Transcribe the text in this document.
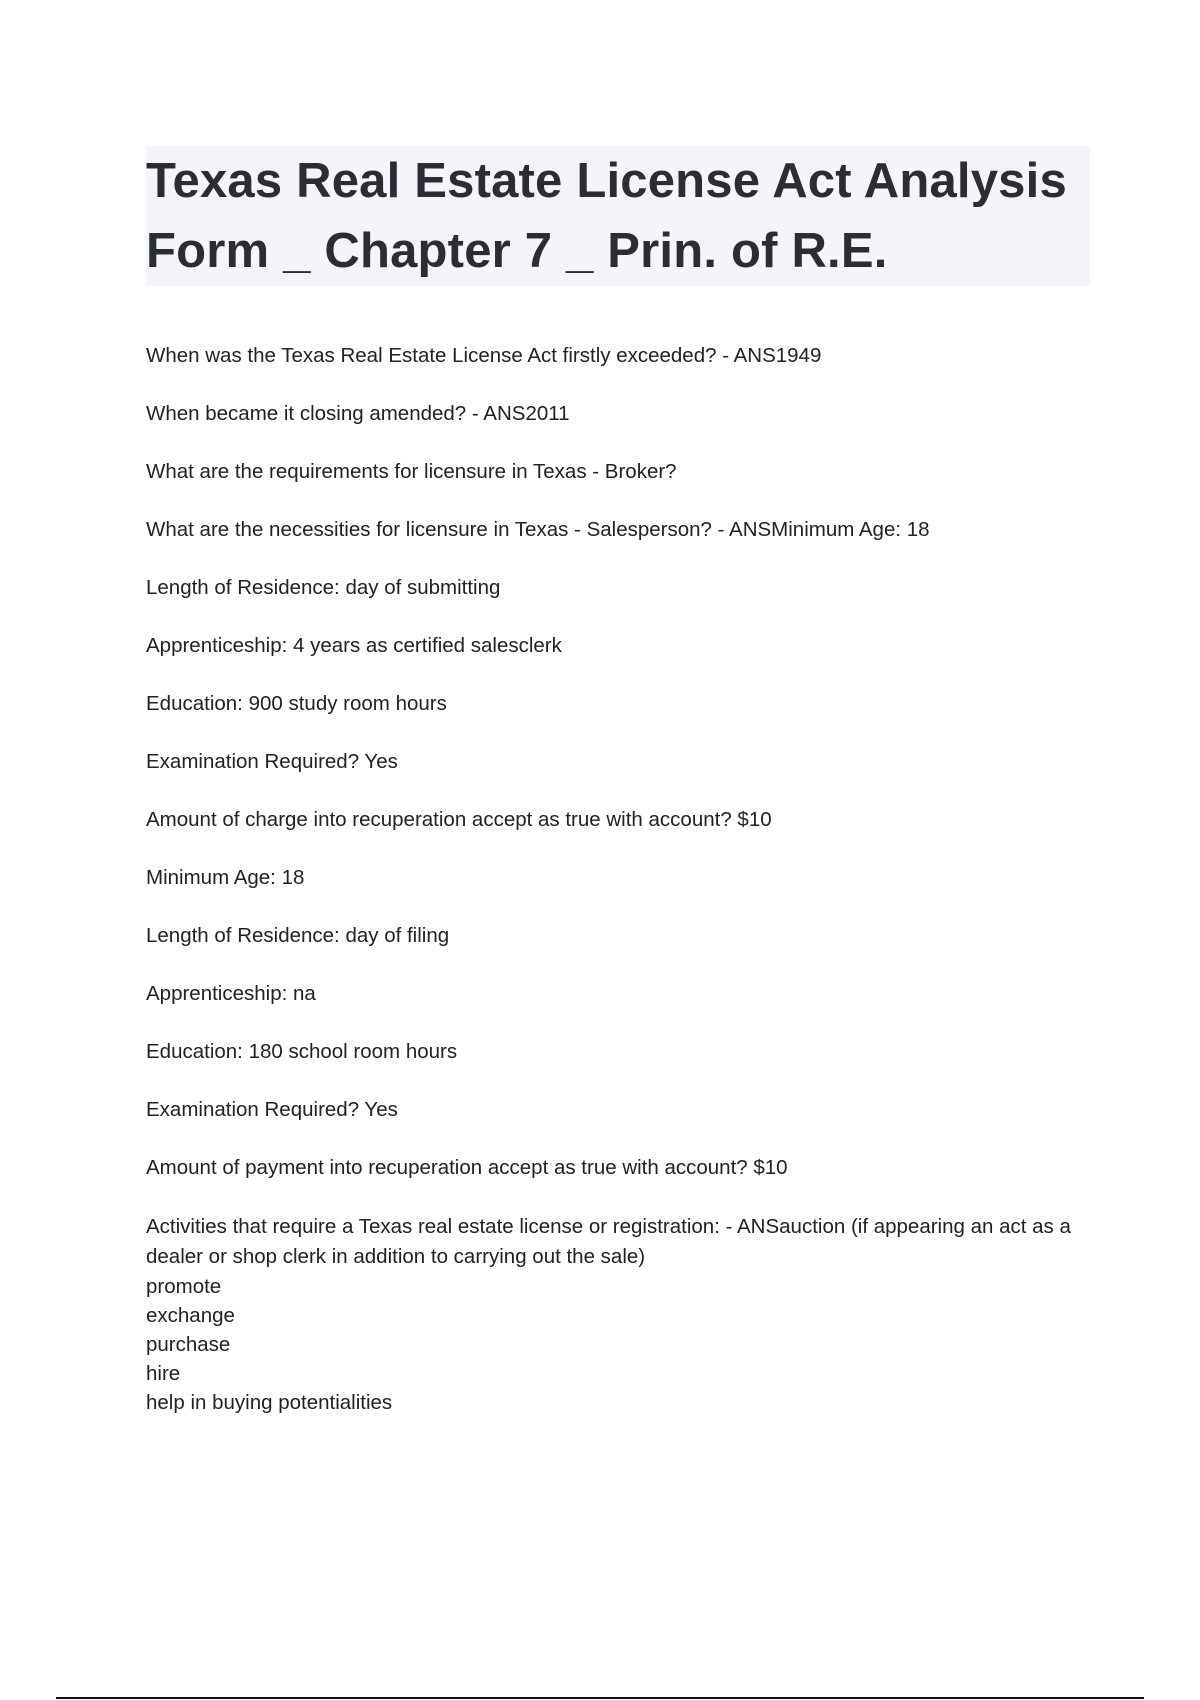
Texas Real Estate License Act Analysis Form _ Chapter 7 _ Prin. of R.E.

When was the Texas Real Estate License Act firstly exceeded? - ANS1949

When became it closing amended? - ANS2011

What are the requirements for licensure in Texas - Broker?

What are the necessities for licensure in Texas - Salesperson? - ANSMinimum Age: 18

Length of Residence: day of submitting

Apprenticeship: 4 years as certified salesclerk

Education: 900 study room hours

Examination Required? Yes

Amount of charge into recuperation accept as true with account? $10

Minimum Age: 18

Length of Residence: day of filing

Apprenticeship: na

Education: 180 school room hours

Examination Required? Yes

Amount of payment into recuperation accept as true with account? $10

Activities that require a Texas real estate license or registration: - ANSauction (if appearing an act as a dealer or shop clerk in addition to carrying out the sale)

promote
exchange
purchase
hire
help in buying potentialities
